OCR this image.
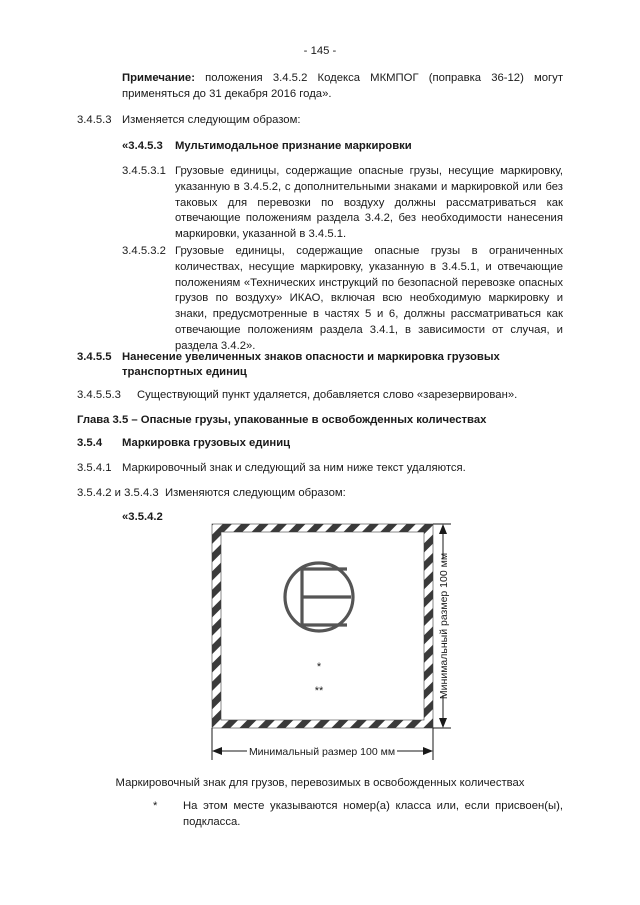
- 145 -
Примечание: положения 3.4.5.2 Кодекса МКМПОГ (поправка 36-12) могут применяться до 31 декабря 2016 года».
3.4.5.3 Изменяется следующим образом:
«3.4.5.3 Мультимодальное признание маркировки
3.4.5.3.1 Грузовые единицы, содержащие опасные грузы, несущие маркировку, указанную в 3.4.5.2, с дополнительными знаками и маркировкой или без таковых для перевозки по воздуху должны рассматриваться как отвечающие положениям раздела 3.4.2, без необходимости нанесения маркировки, указанной в 3.4.5.1.
3.4.5.3.2 Грузовые единицы, содержащие опасные грузы в ограниченных количествах, несущие маркировку, указанную в 3.4.5.1, и отвечающие положениям «Технических инструкций по безопасной перевозке опасных грузов по воздуху» ИКАО, включая всю необходимую маркировку и знаки, предусмотренные в частях 5 и 6, должны рассматриваться как отвечающие положениям раздела 3.4.1, в зависимости от случая, и раздела 3.4.2».
3.4.5.5 Нанесение увеличенных знаков опасности и маркировка грузовых
транспортных единиц
3.4.5.5.3 Существующий пункт удаляется, добавляется слово «зарезервирован».
Глава 3.5 – Опасные грузы, упакованные в освобожденных количествах
3.5.4 Маркировка грузовых единиц
3.5.4.1 Маркировочный знак и следующий за ним ниже текст удаляются.
3.5.4.2 и 3.5.4.3  Изменяются следующим образом:
«3.5.4.2
*
**	Минимальный размер 100 мм
Минимальный размер 100 мм
Маркировочный знак для грузов, перевозимых в освобожденных количествах
* На этом месте указываются номер(а) класса или, если присвоен(ы), подкласса.
